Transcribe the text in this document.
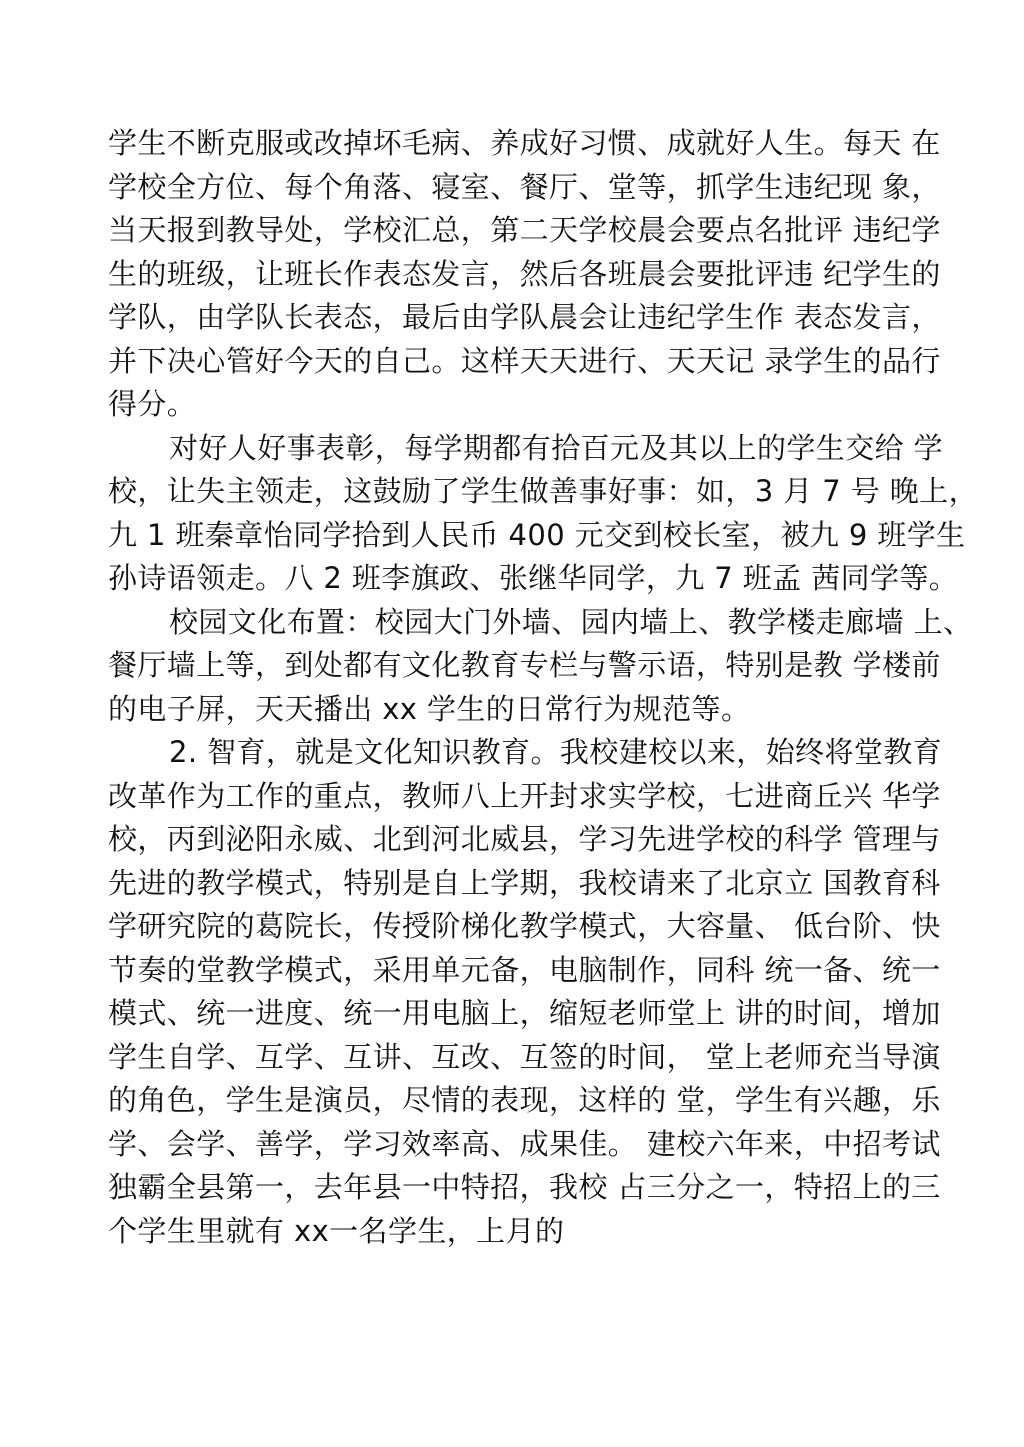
学生不断克服或改掉坏毛病、养成好习惯、成就好人生。每天 在
学校全方位、每个角落、寝室、餐厅、堂等，抓学生违纪现 象，
当天报到教导处，学校汇总，第二天学校晨会要点名批评 违纪学
生的班级，让班长作表态发言，然后各班晨会要批评违 纪学生的
学队，由学队长表态，最后由学队晨会让违纪学生作 表态发言，
并下决心管好今天的自己。这样天天进行、天天记 录学生的品行
得分。
对好人好事表彰，每学期都有拾百元及其以上的学生交给 学
校，让失主领走，这鼓励了学生做善事好事：如，3 月 7 号 晚上，
九 1 班秦章怡同学拾到人民币 400 元交到校长室，被九 9 班学生
孙诗语领走。八 2 班李旗政、张继华同学，九 7 班孟 茜同学等。
校园文化布置：校园大门外墙、园内墙上、教学楼走廊墙 上、
餐厅墙上等，到处都有文化教育专栏与警示语，特别是教 学楼前
的电子屏，天天播出 xx 学生的日常行为规范等。
2. 智育，就是文化知识教育。我校建校以来，始终将堂教育
改革作为工作的重点，教师八上开封求实学校，七进商丘兴 华学
校，丙到泌阳永威、北到河北威县，学习先进学校的科学 管理与
先进的教学模式，特别是自上学期，我校请来了北京立 国教育科
学研究院的葛院长，传授阶梯化教学模式，大容量、 低台阶、快
节奏的堂教学模式，采用单元备，电脑制作，同科 统一备、统一
模式、统一进度、统一用电脑上，缩短老师堂上 讲的时间，增加
学生自学、互学、互讲、互改、互签的时间， 堂上老师充当导演
的角色，学生是演员，尽情的表现，这样的 堂，学生有兴趣，乐
学、会学、善学，学习效率高、成果佳。 建校六年来，中招考试
独霸全县第一，去年县一中特招，我校 占三分之一，特招上的三
个学生里就有 xx一名学生，上月的
